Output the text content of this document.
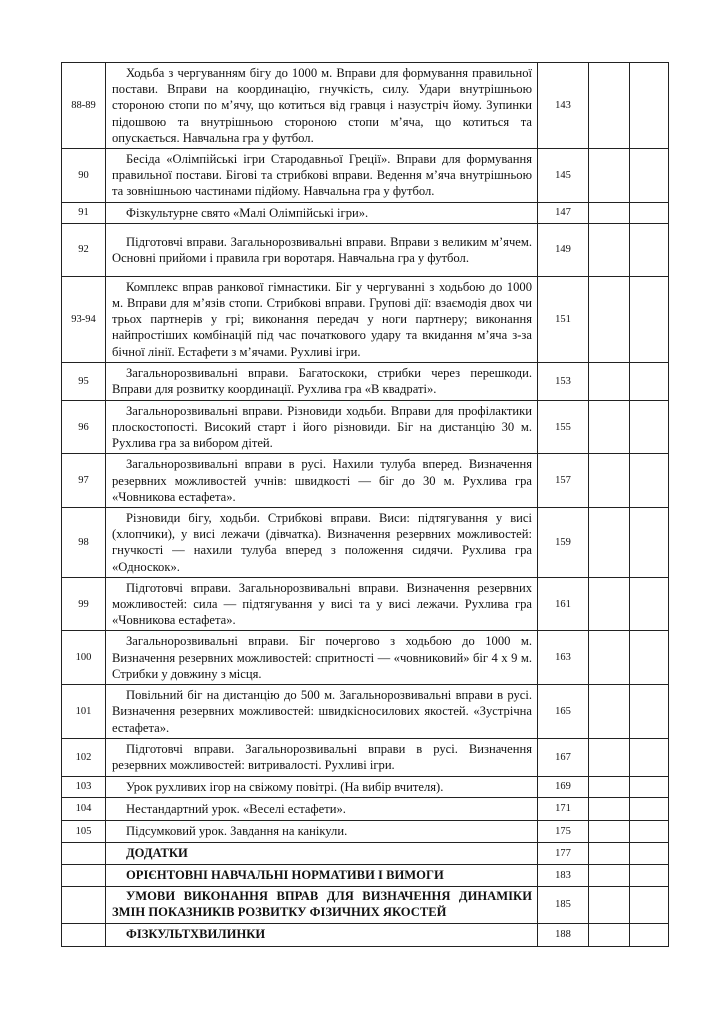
88-89	Ходьба з чергуванням бігу до 1000 м. Вправи для формування правильної постави. Вправи на координацію, гнучкість, силу. Удари внутрішньою стороною стопи по м’ячу, що котиться від гравця і назустріч йому. Зупинки підошвою та внутрішньою стороною стопи м’яча, що котиться та опускається. Навчальна гра у футбол.	143		
90	Бесіда «Олімпійські ігри Стародавньої Греції». Вправи для формування правильної постави. Бігові та стрибкові вправи. Ведення м’яча внутрішньою та зовнішньою частинами підйому. Навчальна гра у футбол.	145		
91	Фізкультурне свято «Малі Олімпійські ігри».	147		
92	Підготовчі вправи. Загальнорозвивальні вправи. Вправи з великим м’ячем. Основні прийоми і правила гри воротаря. Навчальна гра у футбол.	149		
93-94	Комплекс вправ ранкової гімнастики. Біг у чергуванні з ходьбою до 1000 м. Вправи для м’язів стопи. Стрибкові вправи. Групові дії: взаємодія двох чи трьох партнерів у грі; виконання передач у ноги партнеру; виконання найпростіших комбінацій під час початкового удару та вкидання м’яча з-за бічної лінії. Естафети з м’ячами. Рухливі ігри.	151		
95	Загальнорозвивальні вправи. Багатоскоки, стрибки через перешкоди. Вправи для розвитку координації. Рухлива гра «В квадраті».	153		
96	Загальнорозвивальні вправи. Різновиди ходьби. Вправи для профілактики плоскостопості. Високий старт і його різновиди. Біг на дистанцію 30 м. Рухлива гра за вибором дітей.	155		
97	Загальнорозвивальні вправи в русі. Нахили тулуба вперед. Визначення резервних можливостей учнів: швидкості — біг до 30 м. Рухлива гра «Човникова естафета».	157		
98	Різновиди бігу, ходьби. Стрибкові вправи. Виси: підтягування у висі (хлопчики), у висі лежачи (дівчатка). Визначення резервних можливостей: гнучкості — нахили тулуба вперед з положення сидячи. Рухлива гра «Односкок».	159		
99	Підготовчі вправи. Загальнорозвивальні вправи. Визначення резервних можливостей: сила — підтягування у висі та у висі лежачи. Рухлива гра «Човникова естафета».	161		
100	Загальнорозвивальні вправи. Біг почергово з ходьбою до 1000 м. Визначення резервних можливостей: спритності — «човниковий» біг 4 х 9 м. Стрибки у довжину з місця.	163		
101	Повільний біг на дистанцію до 500 м. Загальнорозвивальні вправи в русі. Визначення резервних можливостей: швидкісносилових якостей. «Зустрічна естафета».	165		
102	Підготовчі вправи. Загальнорозвивальні вправи в русі. Визначення резервних можливостей: витривалості. Рухливі ігри.	167		
103	Урок рухливих ігор на свіжому повітрі. (На вибір вчителя).	169		
104	Нестандартний урок. «Веселі естафети».	171		
105	Підсумковий урок. Завдання на канікули.	175		
	ДОДАТКИ	177		
	ОРІЄНТОВНІ НАВЧАЛЬНІ НОРМАТИВИ І ВИМОГИ	183		
	УМОВИ ВИКОНАННЯ ВПРАВ ДЛЯ ВИЗНАЧЕННЯ ДИНАМІКИ ЗМІН ПОКАЗНИКІВ РОЗВИТКУ ФІЗИЧНИХ ЯКОСТЕЙ	185		
	ФІЗКУЛЬТХВИЛИНКИ	188		
